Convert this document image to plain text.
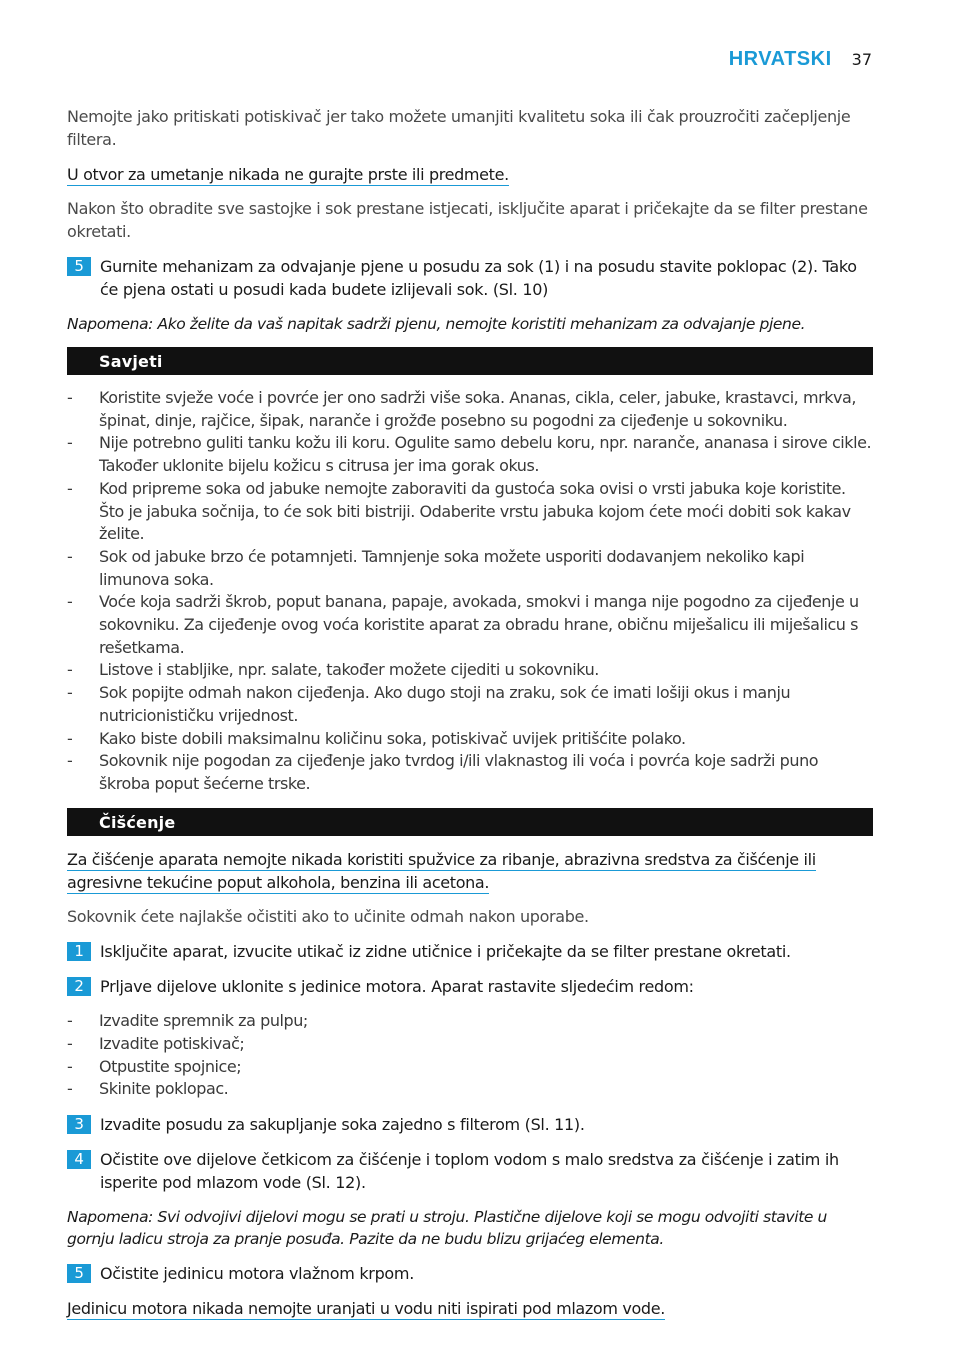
HRVATSKI 37

Nemojte jako pritiskati potiskivač jer tako možete umanjiti kvalitetu soka ili čak prouzročiti začepljenje filtera.

U otvor za umetanje nikada ne gurajte prste ili predmete.

Nakon što obradite sve sastojke i sok prestane istjecati, isključite aparat i pričekajte da se filter prestane okretati.

5	Gurnite mehanizam za odvajanje pjene u posudu za sok (1) i na posudu stavite poklopac (2). Tako će pjena ostati u posudi kada budete izlijevali sok. (Sl. 10)

Napomena: Ako želite da vaš napitak sadrži pjenu, nemojte koristiti mehanizam za odvajanje pjene.

Savjeti
- Koristite svježe voće i povrće jer ono sadrži više soka. Ananas, cikla, celer, jabuke, krastavci, mrkva, špinat, dinje, rajčice, šipak, naranče i grožđe posebno su pogodni za cijeđenje u sokovniku.
- Nije potrebno guliti tanku kožu ili koru. Ogulite samo debelu koru, npr. naranče, ananasa i sirove cikle. Također uklonite bijelu kožicu s citrusa jer ima gorak okus.
- Kod pripreme soka od jabuke nemojte zaboraviti da gustoća soka ovisi o vrsti jabuka koje koristite. Što je jabuka sočnija, to će sok biti bistriji. Odaberite vrstu jabuka kojom ćete moći dobiti sok kakav želite.
- Sok od jabuke brzo će potamnjeti. Tamnjenje soka možete usporiti dodavanjem nekoliko kapi limunova soka.
- Voće koja sadrži škrob, poput banana, papaje, avokada, smokvi i manga nije pogodno za cijeđenje u sokovniku. Za cijeđenje ovog voća koristite aparat za obradu hrane, običnu miješalicu ili miješalicu s rešetkama.
- Listove i stabljike, npr. salate, također možete cijediti u sokovniku.
- Sok popijte odmah nakon cijeđenja. Ako dugo stoji na zraku, sok će imati lošiji okus i manju nutricionističku vrijednost.
- Kako biste dobili maksimalnu količinu soka, potiskivač uvijek pritišćite polako.
- Sokovnik nije pogodan za cijeđenje jako tvrdog i/ili vlaknastog ili voća i povrća koje sadrži puno škroba poput šećerne trske.
Čišćenje
Za čišćenje aparata nemojte nikada koristiti spužvice za ribanje, abrazivna sredstva za čišćenje ili agresivne tekućine poput alkohola, benzina ili acetona.

Sokovnik ćete najlakše očistiti ako to učinite odmah nakon uporabe.

1	Isključite aparat, izvucite utikač iz zidne utičnice i pričekajte da se filter prestane okretati.
2	Prljave dijelove uklonite s jedinice motora. Aparat rastavite sljedećim redom:
- Izvadite spremnik za pulpu;
- Izvadite potiskivač;
- Otpustite spojnice;
- Skinite poklopac.
3	Izvadite posudu za sakupljanje soka zajedno s filterom (Sl. 11).
4	Očistite ove dijelove četkicom za čišćenje i toplom vodom s malo sredstva za čišćenje i zatim ih isperite pod mlazom vode (Sl. 12).

Napomena: Svi odvojivi dijelovi mogu se prati u stroju. Plastične dijelove koji se mogu odvojiti stavite u gornju ladicu stroja za pranje posuđa. Pazite da ne budu blizu grijaćeg elementa.

5	Očistite jedinicu motora vlažnom krpom.
Jedinicu motora nikada nemojte uranjati u vodu niti ispirati pod mlazom vode.
